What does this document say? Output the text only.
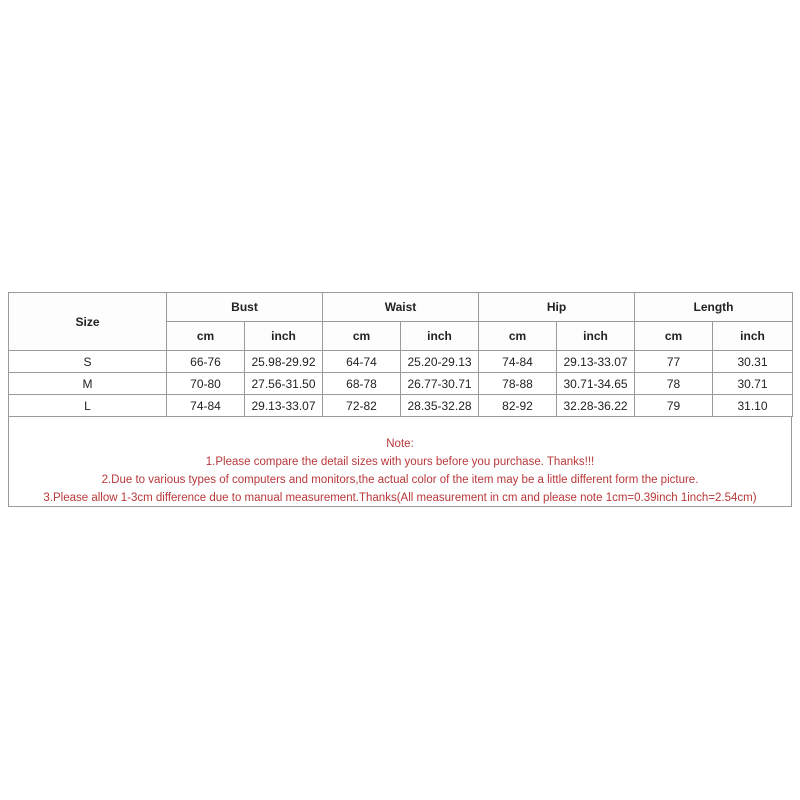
Size	Bust		Waist		Hip		Length	
	cm	inch	cm	inch	cm	inch	cm	inch
S	66-76	25.98-29.92	64-74	25.20-29.13	74-84	29.13-33.07	77	30.31
M	70-80	27.56-31.50	68-78	26.77-30.71	78-88	30.71-34.65	78	30.71
L	74-84	29.13-33.07	72-82	28.35-32.28	82-92	32.28-36.22	79	31.10
Note:
1.Please compare the detail sizes with yours before you purchase. Thanks!!!
2.Due to various types of computers and monitors,the actual color of the item may be a little different form the picture.
3.Please allow 1-3cm difference due to manual measurement.Thanks(All measurement in cm and please note 1cm=0.39inch 1inch=2.54cm)
